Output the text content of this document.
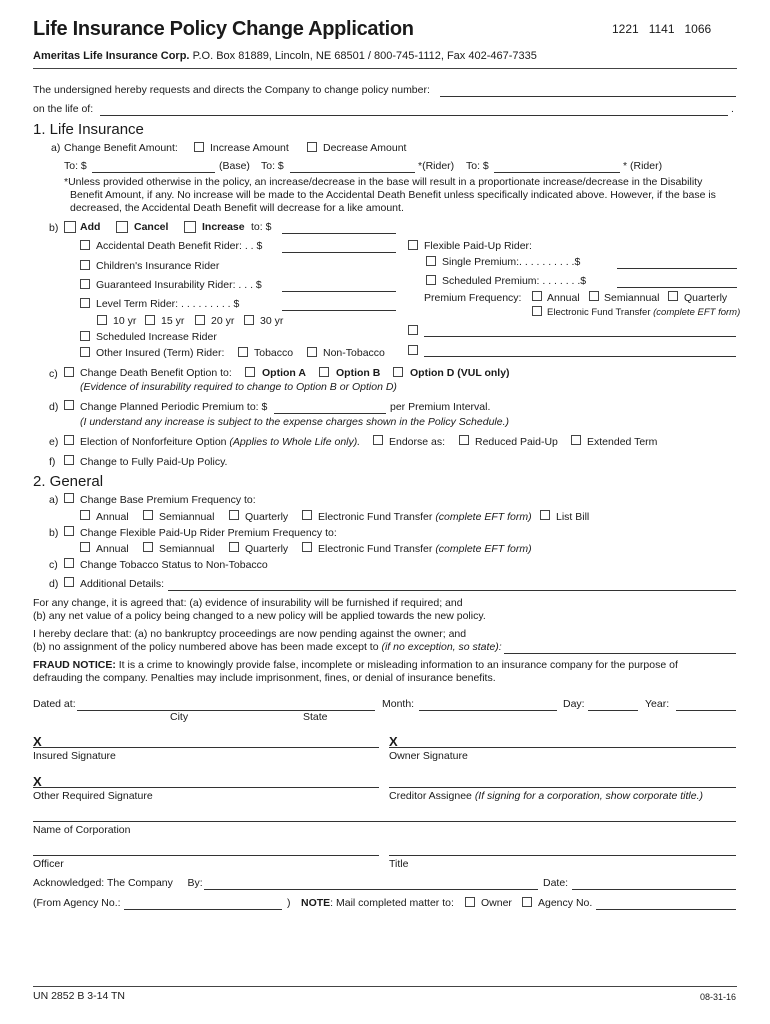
Life Insurance Policy Change Application	1221   1141   1066
Ameritas Life Insurance Corp. P.O. Box 81889, Lincoln, NE 68501 / 800-745-1112, Fax 402-467-7335
The undersigned hereby requests and directs the Company to change policy number:
on the life of:	.
1. Life Insurance
a) Change Benefit Amount:	Increase Amount	Decrease Amount
To: $	(Base) To: $	*(Rider) To: $	* (Rider)
*Unless provided otherwise in the policy, an increase/decrease in the base will result in a proportionate increase/decrease in the Disability
Benefit Amount, if any. No increase will be made to the Accidental Death Benefit unless specifically indicated above. However, if the base is
decreased, the Accidental Death Benefit will decrease for a like amount.
b) Add	Cancel	Increase to: $
Accidental Death Benefit Rider: . . $
Children's Insurance Rider
Guaranteed Insurability Rider: . . . $
Level Term Rider: . . . . . . . . . $
10 yr 15 yr	20 yr 30 yr
Scheduled Increase Rider
Other Insured (Term) Rider:	Tobacco	Non-Tobacco
Flexible Paid-Up Rider:
Single Premium:. . . . . . . . . .$
Scheduled Premium: . . . . . . .$
Premium Frequency: Annual Semiannual Quarterly
Electronic Fund Transfer (complete EFT form)
c) Change Death Benefit Option to:	Option A	Option B	Option D (VUL only)
(Evidence of insurability required to change to Option B or Option D)
d) Change Planned Periodic Premium to: $	per Premium Interval.
(I understand any increase is subject to the expense charges shown in the Policy Schedule.)
e) Election of Nonforfeiture Option (Applies to Whole Life only).	Endorse as:	Reduced Paid-Up	Extended Term
f) Change to Fully Paid-Up Policy.
2. General
a) Change Base Premium Frequency to:
Annual	Semiannual	Quarterly	Electronic Fund Transfer (complete EFT form) List Bill
b) Change Flexible Paid-Up Rider Premium Frequency to:
Annual	Semiannual	Quarterly	Electronic Fund Transfer (complete EFT form)
c) Change Tobacco Status to Non-Tobacco
d) Additional Details:
For any change, it is agreed that: (a) evidence of insurability will be furnished if required; and
(b) any net value of a policy being changed to a new policy will be applied towards the new policy.
I hereby declare that: (a) no bankruptcy proceedings are now pending against the owner; and
(b) no assignment of the policy numbered above has been made except to (if no exception, so state):
FRAUD NOTICE: It is a crime to knowingly provide false, incomplete or misleading information to an insurance company for the purpose of
defrauding the company. Penalties may include imprisonment, fines, or denial of insurance benefits.
Dated at:	Month:	Day:	Year:
City	State
X
Insured Signature
X
Owner Signature
X
Other Required Signature	Creditor Assignee (If signing for a corporation, show corporate title.)
Name of Corporation
Officer	Title
Acknowledged: The Company     By:	Date:
(From Agency No.:	) NOTE: Mail completed matter to:	Owner Agency No.
UN 2852 B 3-14 TN	08-31-16
